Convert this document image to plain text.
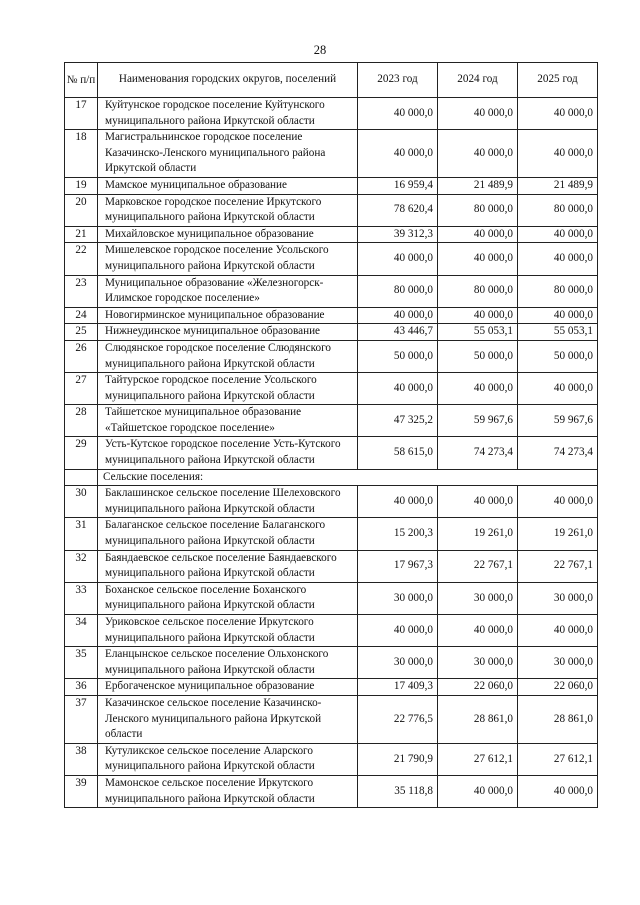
28
№ п/п	Наименования городских округов, поселений	2023 год	2024 год	2025 год
17	Куйтунское городское поселение Куйтунского муниципального района Иркутской области	40 000,0	40 000,0	40 000,0
18	Магистральнинское городское поселение Казачинско-Ленского муниципального района Иркутской области	40 000,0	40 000,0	40 000,0
19	Мамское муниципальное образование	16 959,4	21 489,9	21 489,9
20	Марковское городское поселение Иркутского муниципального района Иркутской области	78 620,4	80 000,0	80 000,0
21	Михайловское муниципальное образование	39 312,3	40 000,0	40 000,0
22	Мишелевское городское поселение Усольского муниципального района Иркутской области	40 000,0	40 000,0	40 000,0
23	Муниципальное образование «Железногорск-Илимское городское поселение»	80 000,0	80 000,0	80 000,0
24	Новогирминское муниципальное образование	40 000,0	40 000,0	40 000,0
25	Нижнеудинское муниципальное образование	43 446,7	55 053,1	55 053,1
26	Слюдянское городское поселение Слюдянского муниципального района Иркутской области	50 000,0	50 000,0	50 000,0
27	Тайтурское городское поселение Усольского муниципального района Иркутской области	40 000,0	40 000,0	40 000,0
28	Тайшетское муниципальное образование «Тайшетское городское поселение»	47 325,2	59 967,6	59 967,6
29	Усть-Кутское городское поселение Усть-Кутского муниципального района Иркутской области	58 615,0	74 273,4	74 273,4
	Сельские поселения:			
30	Баклашинское сельское поселение Шелеховского муниципального района Иркутской области	40 000,0	40 000,0	40 000,0
31	Балаганское сельское поселение Балаганского муниципального района Иркутской области	15 200,3	19 261,0	19 261,0
32	Баяндаевское сельское поселение Баяндаевского муниципального района Иркутской области	17 967,3	22 767,1	22 767,1
33	Боханское сельское поселение Боханского муниципального района Иркутской области	30 000,0	30 000,0	30 000,0
34	Уриковское сельское поселение Иркутского муниципального района Иркутской области	40 000,0	40 000,0	40 000,0
35	Еланцынское сельское поселение Ольхонского муниципального района Иркутской области	30 000,0	30 000,0	30 000,0
36	Ербогаченское муниципальное образование	17 409,3	22 060,0	22 060,0
37	Казачинское сельское поселение Казачинско-Ленского муниципального района Иркутской области	22 776,5	28 861,0	28 861,0
38	Кутуликское сельское поселение Аларского муниципального района Иркутской области	21 790,9	27 612,1	27 612,1
39	Мамонское сельское поселение Иркутского муниципального района Иркутской области	35 118,8	40 000,0	40 000,0
